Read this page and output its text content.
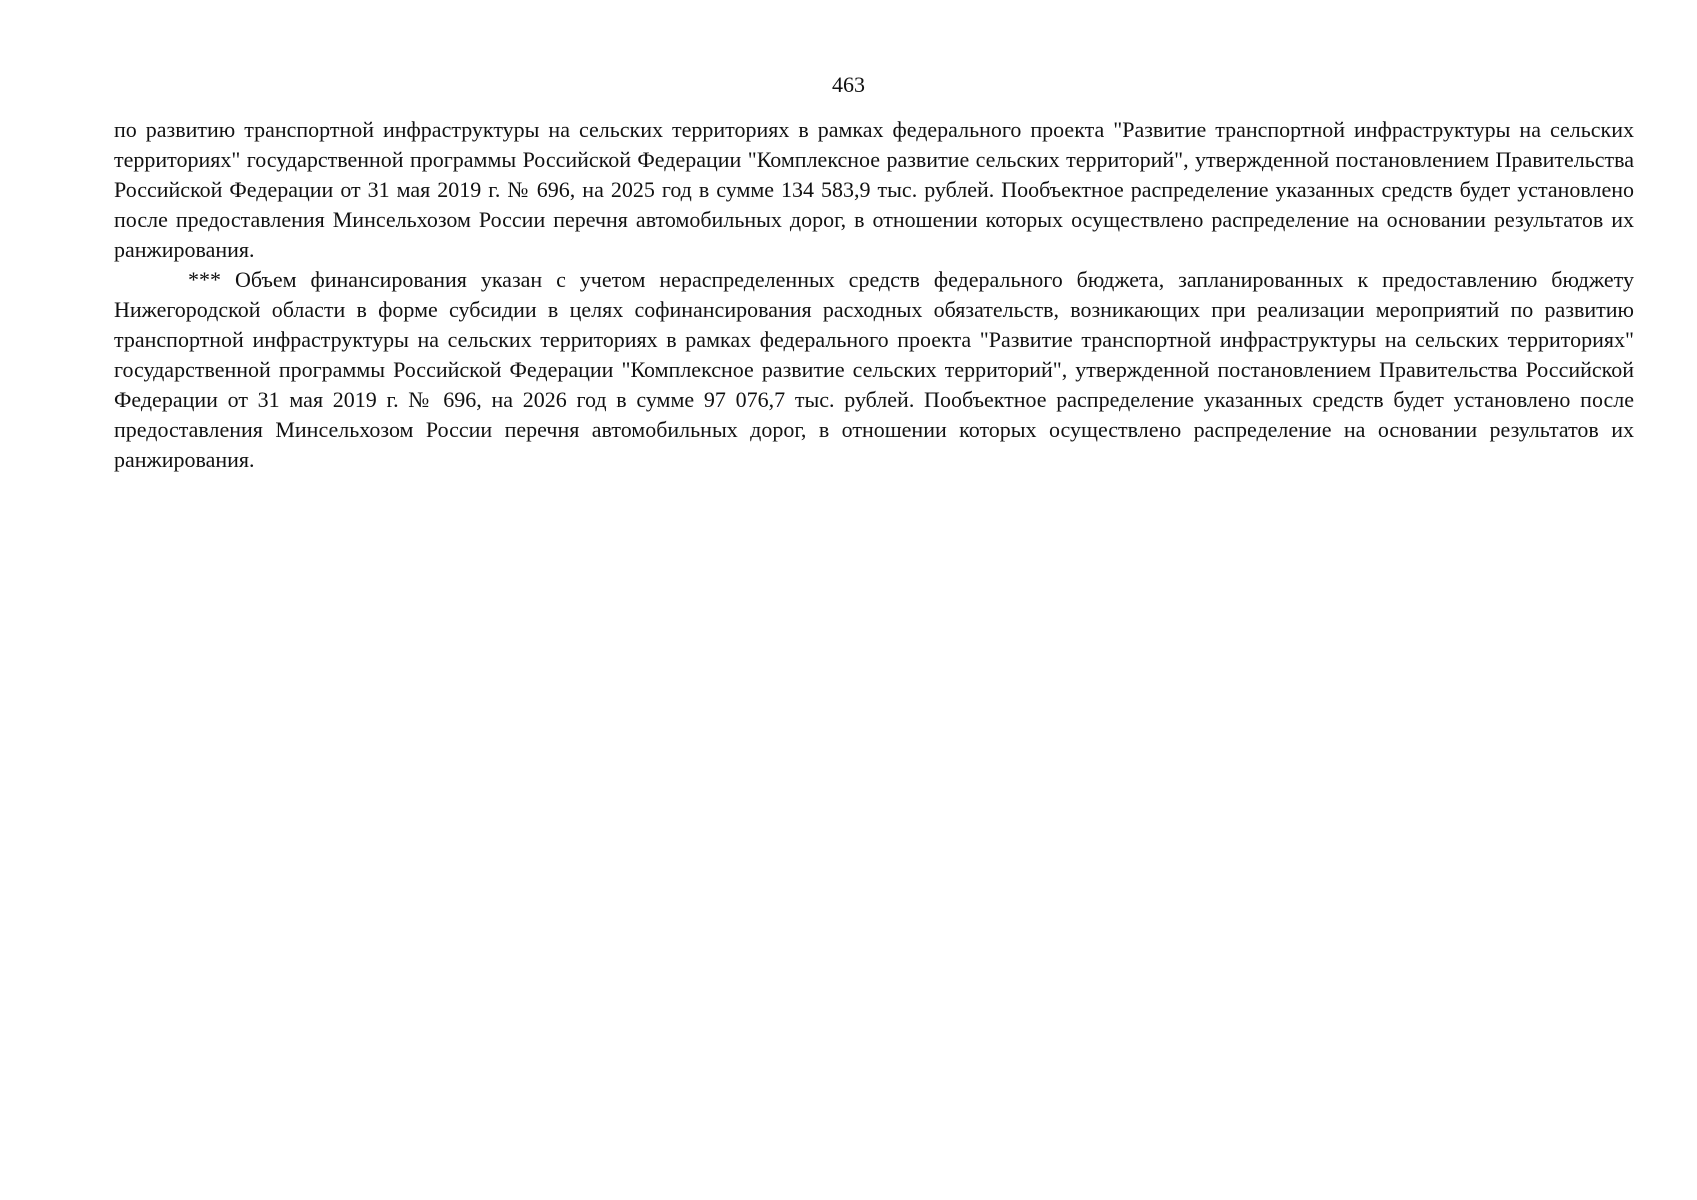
463

по развитию транспортной инфраструктуры на сельских территориях в рамках федерального проекта "Развитие транспортной инфраструктуры на сельских территориях" государственной программы Российской Федерации "Комплексное развитие сельских территорий", утвержденной постановлением Правительства Российской Федерации от 31 мая 2019 г. № 696, на 2025 год в сумме 134 583,9 тыс. рублей. Пообъектное распределение указанных средств будет установлено после предоставления Минсельхозом России перечня автомобильных дорог, в отношении которых осуществлено распределение на основании результатов их ранжирования.

*** Объем финансирования указан с учетом нераспределенных средств федерального бюджета, запланированных к предоставлению бюджету Нижегородской области в форме субсидии в целях софинансирования расходных обязательств, возникающих при реализации мероприятий по развитию транспортной инфраструктуры на сельских территориях в рамках федерального проекта "Развитие транспортной инфраструктуры на сельских территориях" государственной программы Российской Федерации "Комплексное развитие сельских территорий", утвержденной постановлением Правительства Российской Федерации от 31 мая 2019 г. № 696, на 2026 год в сумме 97 076,7 тыс. рублей. Пообъектное распределение указанных средств будет установлено после предоставления Минсельхозом России перечня автомобильных дорог, в отношении которых осуществлено распределение на основании результатов их ранжирования.
